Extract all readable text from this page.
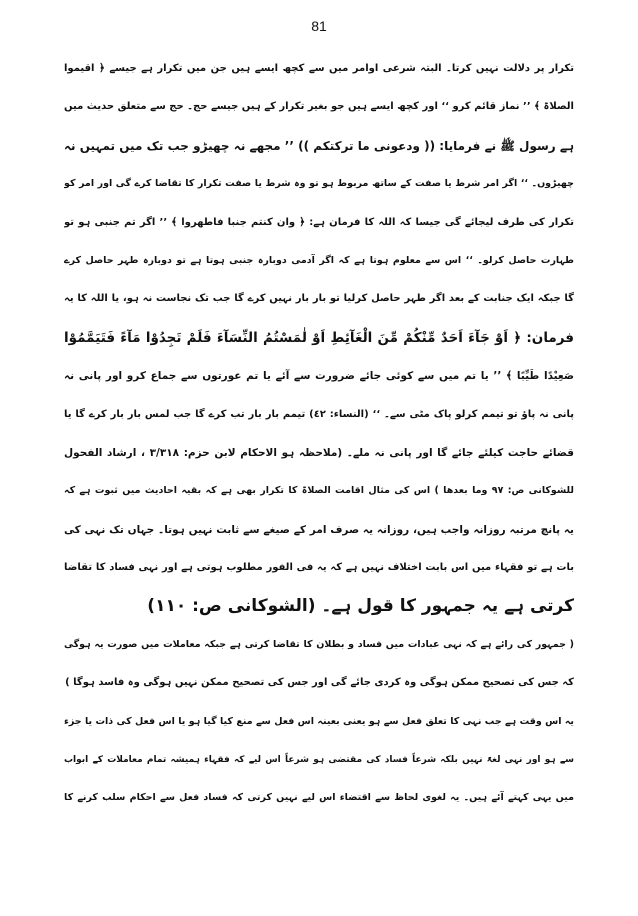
81
تکرار پر دلالت نہیں کرتا۔ البتہ شرعی اوامر میں سے کچھ ایسے ہیں جن میں تکرار ہے جیسے ﴿ اقیموا
الصلاۃ ﴾ ’’ نماز قائم کرو ‘‘ اور کچھ ایسے ہیں جو بغیر تکرار کے ہیں جیسے حج۔ حج سے متعلق حدیث میں
ہے رسول ﷺ نے فرمایا: (( ودعونی ما ترکتکم )) ’’ مجھے نہ چھیڑو جب تک میں تمہیں نہ
چھیڑوں۔ ‘‘ اگر امر شرط یا صفت کے ساتھ مربوط ہو تو وہ شرط یا صفت تکرار کا تقاضا کرے گی اور امر کو
تکرار کی طرف لیجائے گی جیسا کہ اللہ کا فرمان ہے: ﴿ وان کنتم جنبا فاطهروا ﴾ ’’ اگر تم جنبی ہو تو
طہارت حاصل کرلو۔ ‘‘ اس سے معلوم ہوتا ہے کہ اگر آدمی دوبارہ جنبی ہوتا ہے تو دوبارہ طہر حاصل کرے
گا جبکہ ایک جنابت کے بعد اگر طہر حاصل کرلیا تو بار بار نہیں کرے گا جب تک نجاست نہ ہو، یا اللہ کا یہ
فرمان: ﴿ اَوْ جَآءَ اَحَدٌ مِّنْكُمْ مِّنَ الْغَآئِطِ اَوْ لٰمَسْتُمُ النِّسَآءَ فَلَمْ تَجِدُوْا مَآءً فَتَيَمَّمُوْا
صَعِيْدًا طَيِّبًا ﴾ ’’ یا تم میں سے کوئی جائے ضرورت سے آئے یا تم عورتوں سے جماع کرو اور پانی نہ
پانی نہ پاؤ تو تیمم کرلو پاک مٹی سے۔ ‘‘ (النساء: ٤٢) تیمم بار بار تب کرے گا جب لمس بار بار کرے گا یا
قضائے حاجت کیلئے جائے گا اور پانی نہ ملے۔ (ملاحظہ ہو الاحکام لابن حزم: ٣/٣١٨ ، ارشاد الفحول
للشوکانی ص: ٩٧ وما بعدها ) اس کی مثال اقامت الصلاۃ کا تکرار بھی ہے کہ بقیہ احادیث میں ثبوت ہے کہ
یہ پانچ مرتبہ روزانہ واجب ہیں، روزانہ یہ صرف امر کے صیغے سے ثابت نہیں ہوتا۔ جہاں تک نہی کی
بات ہے تو فقہاء میں اس بابت اختلاف نہیں ہے کہ یہ فی الفور مطلوب ہوتی ہے اور نہی فساد کا تقاضا
کرتی ہے یہ جمہور کا قول ہے۔ (الشوکانی ص: ١١٠)
( جمہور کی رائے ہے کہ نہی عبادات میں فساد و بطلان کا تقاضا کرتی ہے جبکہ معاملات میں صورت یہ ہوگی
کہ جس کی تصحیح ممکن ہوگی وہ کردی جائے گی اور جس کی تصحیح ممکن نہیں ہوگی وہ فاسد ہوگا )
یہ اس وقت ہے جب نہی کا تعلق فعل سے ہو یعنی بعینہ اس فعل سے منع کیا گیا ہو یا اس فعل کی ذات یا جزء
سے ہو اور نہی لغۃً نہیں بلکہ شرعاً فساد کی مقتضی ہو شرعاً اس لیے کہ فقہاء ہمیشہ تمام معاملات کے ابواب
میں یہی کہتے آئے ہیں۔ یہ لغوی لحاظ سے اقتضاء اس لیے نہیں کرتی کہ فساد فعل سے احکام سلب کرنے کا
